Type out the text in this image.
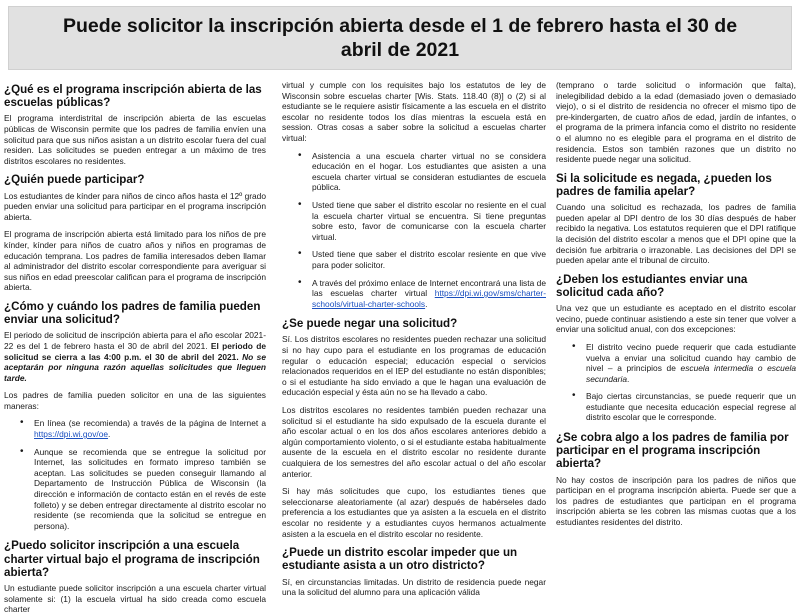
Puede solicitor la inscripción abierta desde el 1 de febrero hasta el 30 de abril de 2021
¿Qué es el programa inscripción abierta de las escuelas públicas?

El programa interdistrital de inscripción abierta de las escuelas públicas de Wisconsin permite que los padres de familia envíen una solicitud para que sus niños asistan a un distrito escolar fuera del cual residen. Las solicitudes se pueden entregar a un máximo de tres distritos escolares no residentes.

¿Quién puede participar?

Los estudiantes de kínder para niños de cinco años hasta el 12º grado pueden enviar una solicitud para participar en el programa inscripción abierta.

El programa de inscripción abierta está limitado para los niños de pre kínder, kínder para niños de cuatro años y niños en programas de educación temprana. Los padres de familia interesados deben llamar al administrador del distrito escolar correspondiente para averiguar si sus niños en edad preescolar califican para el programa de inscripción abierta.

¿Cómo y cuándo los padres de familia pueden enviar una solicitud?

El periodo de solicitud de inscripción abierta para el año escolar 2021-22 es del 1 de febrero hasta el 30 de abril del 2021. El periodo de solicitud se cierra a las 4:00 p.m. el 30 de abril del 2021. No se aceptarán por ninguna razón aquellas solicitudes que lleguen tarde.

Los padres de familia pueden solicitor en una de las siguientes maneras:

• En línea (se recomienda) a través de la página de Internet a https://dpi.wi.gov/oe.
• Aunque se recomienda que se entregue la solicitud por Internet, las solicitudes en formato impreso también se aceptan. Las solicitudes se pueden conseguir llamando al Departamento de Instrucción Pública de Wisconsin (la dirección e información de contacto están en el revés de este folleto) y se deben entregar directamente al distrito escolar no residente (se recomienda que la solicitud se entregue en persona).
¿Puedo solicitor inscripción a una escuela charter virtual bajo el programa de inscripción abierta?

Un estudiante puede solicitor inscripción a una escuela charter virtual solamente si: (1) la escuela virtual ha sido creada como escuela charter

virtual y cumple con los requisites bajo los estatutos de ley de Wisconsin sobre escuelas charter [Wis. Stats. 118.40 (8)] o (2) si al estudiante se le requiere asistir físicamente a las escuela en el distrito escolar no residente todos los días mientras la escuela está en session. Otras cosas a saber sobre la solicitud a escuelas charter virtual:

• Asistencia a una escuela charter virtual no se considera educación en el hogar. Los estudiantes que asisten a una escuela charter virtual se consideran estudiantes de escuela pública.
• Usted tiene que saber el distrito escolar no resiente en el cual la escuela charter virtual se encuentra. Si tiene preguntas sobre esto, favor de comunicarse con la escuela charter virtual.
• Usted tiene que saber el distrito escolar resiente en que vive para poder solicitor.
• A través del próximo enlace de Internet encontrará una lista de las escuelas charter virtual https://dpi.wi.gov/sms/charter-schools/virtual-charter-schools.
¿Se puede negar una solicitud?

Sí. Los distritos escolares no residentes pueden rechazar una solicitud si no hay cupo para el estudiante en los programas de educación regular o educación especial; educación especial o servicios relacionados requeridos en el IEP del estudiante no están disponibles; o si el estudiante ha sido enviado a que le hagan una evaluación de educación especial y ésta aún no se ha llevado a cabo.

Los distritos escolares no residentes también pueden rechazar una solicitud si el estudiante ha sido expulsado de la escuela durante el año escolar actual o en los dos años escolares anteriores debido a algún comportamiento violento, o si el estudiante estaba habitualmente ausente de la escuela en el distrito escolar no residente durante cualquiera de los semestres del año escolar actual o del año escolar anterior.

Si hay más solicitudes que cupo, los estudiantes tienes que seleccionarse aleatoriamente (al azar) después de habérseles dado preferencia a los estudiantes que ya asisten a la escuela en el distrito escolar no residente y a estudiantes cuyos hermanos actualmente asisten a la escuela en el distrito escolar no residente.

¿Puede un distrito escolar impeder que un estudiante asista a un otro districto?

Sí, en circunstancias limitadas. Un distrito de residencia puede negar una la solicitud del alumno para una aplicación válida

(temprano o tarde solicitud o información que falta), inelegibilidad debido a la edad (demasiado joven o demasiado viejo), o si el distrito de residencia no ofrecer el mismo tipo de pre-kindergarten, de cuatro años de edad, jardín de infantes, o el programa de la primera infancia como el distrito no residente o el alumno no es elegible para el programa en el distrito de residencia. Estos son también razones que un distrito no residente puede negar una solicitud.

Si la solicitude es negada, ¿pueden los padres de familia apelar?

Cuando una solicitud es rechazada, los padres de familia pueden apelar al DPI dentro de los 30 días después de haber recibido la negativa. Los estatutos requieren que el DPI ratifique la decisión del distrito escolar a menos que el DPI opine que la decisión fue arbitraria o irrazonable. Las decisiones del DPI se pueden apelar ante el tribunal de circuito.

¿Deben los estudiantes enviar una solicitud cada año?

Una vez que un estudiante es aceptado en el distrito escolar vecino, puede continuar asistiendo a este sin tener que volver a enviar una solicitud anual, con dos excepciones:

• El distrito vecino puede requerir que cada estudiante vuelva a enviar una solicitud cuando hay cambio de nivel – a principios de escuela intermedia o escuela secundaria.
• Bajo ciertas circunstancias, se puede requerir que un estudiante que necesita educación especial regrese al distrito escolar que le corresponde.
¿Se cobra algo a los padres de familia por participar en el programa inscripción abierta?

No hay costos de inscripción para los padres de niños que participan en el programa inscripción abierta. Puede ser que a los padres de estudiantes que participan en el programa inscripción abierta se les cobren las mismas cuotas que a los estudiantes residentes del distrito.
